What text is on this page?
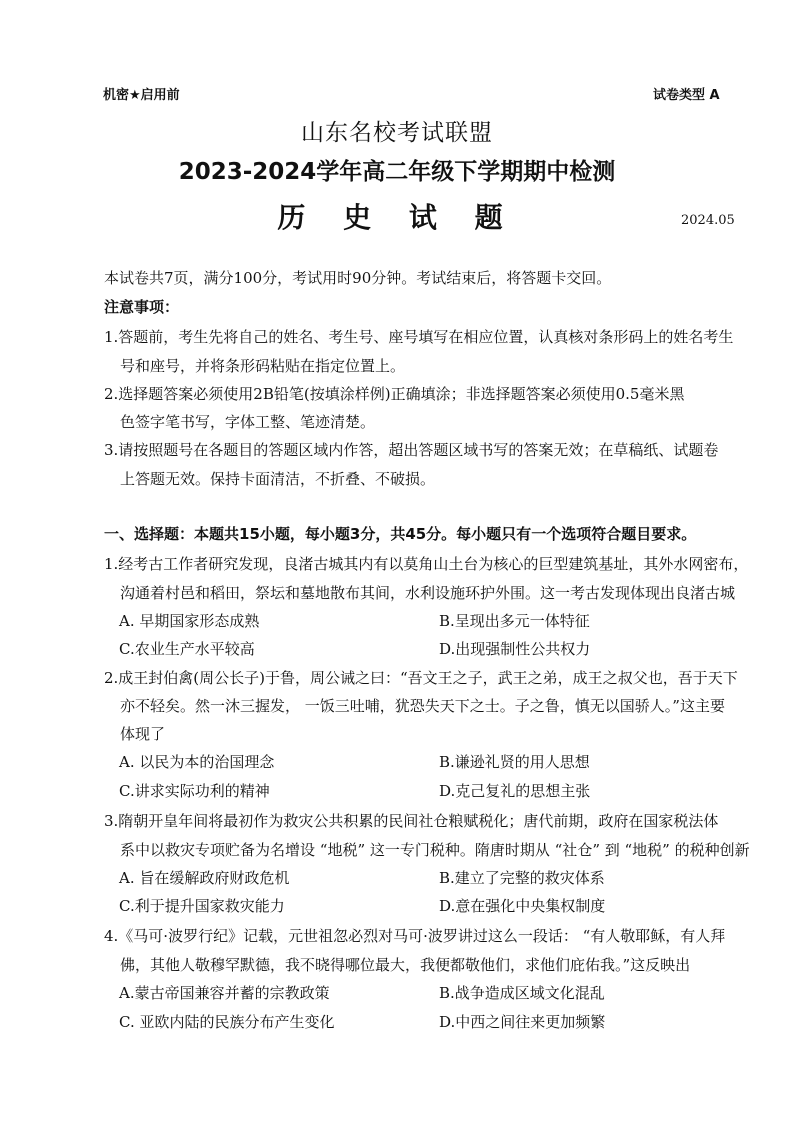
机密★启用前	试卷类型 A
山东名校考试联盟
2023-2024学年高二年级下学期期中检测
历 史 试 题	2024.05
本试卷共7页，满分100分，考试用时90分钟。考试结束后，将答题卡交回。
注意事项：
1.答题前，考生先将自己的姓名、考生号、座号填写在相应位置，认真核对条形码上的姓名考生
号和座号，并将条形码粘贴在指定位置上。
2.选择题答案必须使用2B铅笔(按填涂样例)正确填涂；非选择题答案必须使用0.5毫米黑
色签字笔书写，字体工整、笔迹清楚。
3.请按照题号在各题目的答题区域内作答，超出答题区域书写的答案无效；在草稿纸、试题卷
上答题无效。保持卡面清洁，不折叠、不破损。
一、选择题：本题共15小题，每小题3分，共45分。每小题只有一个选项符合题目要求。
1.经考古工作者研究发现，良渚古城其内有以莫角山土台为核心的巨型建筑基址，其外水网密布，
沟通着村邑和稻田，祭坛和墓地散布其间，水利设施环护外围。这一考古发现体现出良渚古城
A. 早期国家形态成熟	B.呈现出多元一体特征
C.农业生产水平较高	D.出现强制性公共权力
2.成王封伯禽(周公长子)于鲁，周公诫之曰：“吾文王之子，武王之弟，成王之叔父也，吾于天下
亦不轻矣。然一沐三握发， 一饭三吐哺，犹恐失天下之士。子之鲁，慎无以国骄人。”这主要
体现了
A. 以民为本的治国理念	B.谦逊礼贤的用人思想
C.讲求实际功利的精神	D.克己复礼的思想主张
3.隋朝开皇年间将最初作为救灾公共积累的民间社仓粮赋税化；唐代前期，政府在国家税法体
系中以救灾专项贮备为名增设 “地税” 这一专门税种。隋唐时期从 “社仓” 到 “地税” 的税种创新
A. 旨在缓解政府财政危机	B.建立了完整的救灾体系
C.利于提升国家救灾能力	D.意在强化中央集权制度
4.《马可·波罗行纪》记载，元世祖忽必烈对马可·波罗讲过这么一段话： “有人敬耶稣，有人拜
佛，其他人敬穆罕默德，我不晓得哪位最大，我便都敬他们，求他们庇佑我。”这反映出
A.蒙古帝国兼容并蓄的宗教政策	B.战争造成区域文化混乱
C. 亚欧内陆的民族分布产生变化	D.中西之间往来更加频繁
